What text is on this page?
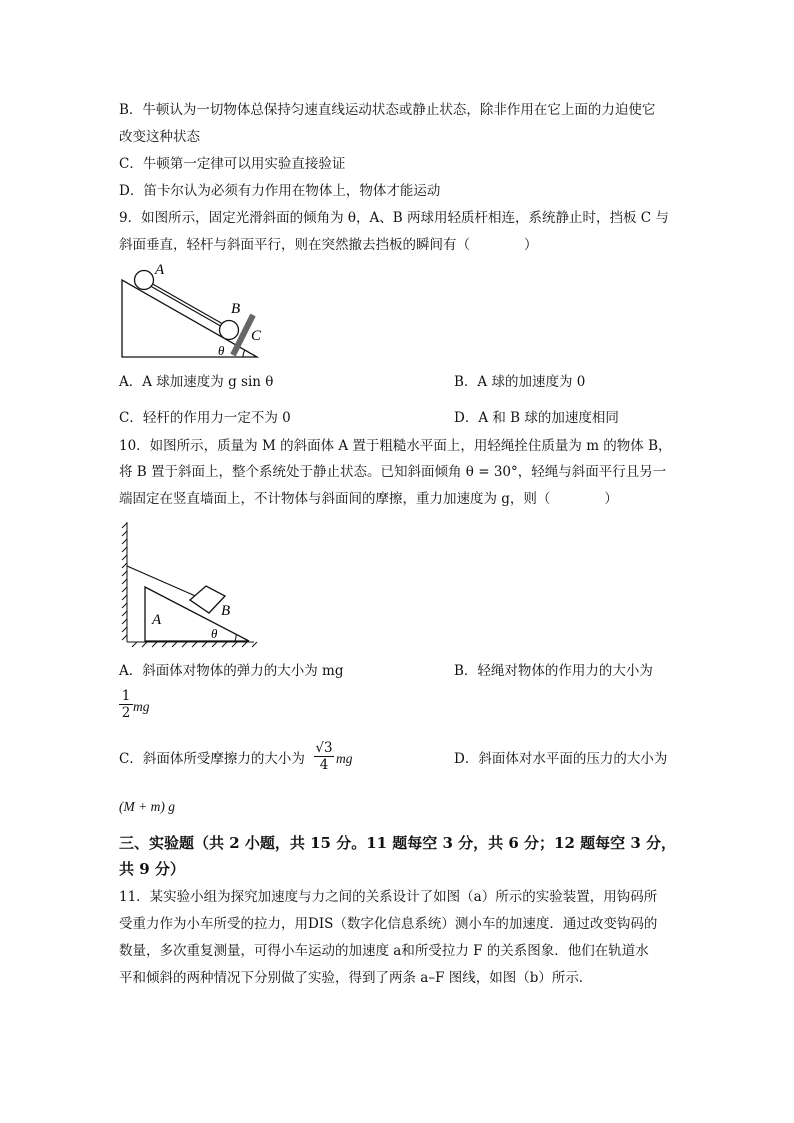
B．牛顿认为一切物体总保持匀速直线运动状态或静止状态，除非作用在它上面的力迫使它
改变这种状态
C．牛顿第一定律可以用实验直接验证
D．笛卡尔认为必须有力作用在物体上，物体才能运动
9．如图所示，固定光滑斜面的倾角为 θ，A、B 两球用轻质杆相连，系统静止时，挡板 C 与
斜面垂直，轻杆与斜面平行，则在突然撤去挡板的瞬间有（　　　　）
A
B
C
θ
A．A 球加速度为 g sin θ	B．A 球的加速度为 0
C．轻杆的作用力一定不为 0	D．A 和 B 球的加速度相同
10．如图所示，质量为 M 的斜面体 A 置于粗糙水平面上，用轻绳拴住质量为 m 的物体 B，
将 B 置于斜面上，整个系统处于静止状态。已知斜面倾角 θ = 30°，轻绳与斜面平行且另一
端固定在竖直墙面上，不计物体与斜面间的摩擦，重力加速度为 g，则（　　　　）
A
B
θ
A．斜面体对物体的弹力的大小为 mg	B．轻绳对物体的作用力的大小为
1
2 mg
C．斜面体所受摩擦力的大小为
√3
4 mg	D．斜面体对水平面的压力的大小为
(M + m) g
三、实验题（共 2 小题，共 15 分。11 题每空 3 分，共 6 分；12 题每空 3 分，
共 9 分）
11．某实验小组为探究加速度与力之间的关系设计了如图（a）所示的实验装置，用钩码所
受重力作为小车所受的拉力，用DIS（数字化信息系统）测小车的加速度．通过改变钩码的
数量，多次重复测量，可得小车运动的加速度 a和所受拉力 F 的关系图象．他们在轨道水
平和倾斜的两种情况下分别做了实验，得到了两条 a–F 图线，如图（b）所示．
